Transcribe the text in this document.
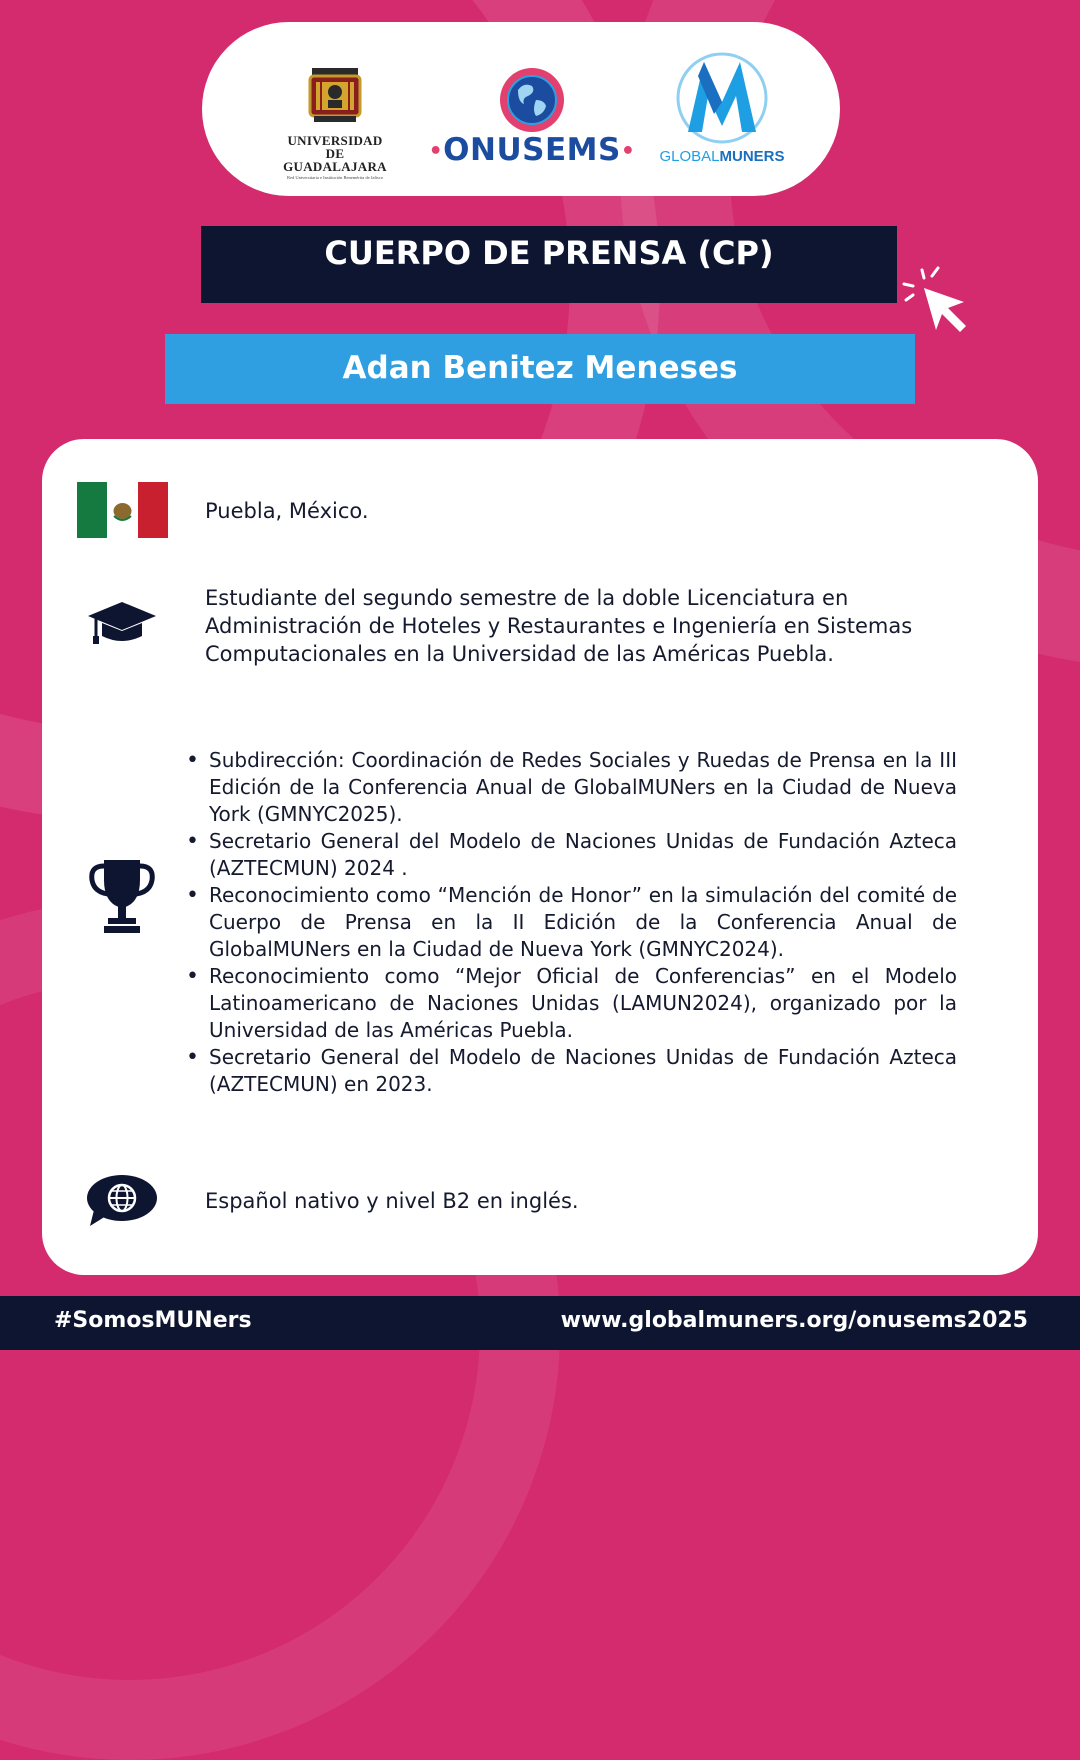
UNIVERSIDAD DE
GUADALAJARA
Red Universitaria e Institución Benemérita de Jalisco
•ONUSEMS•	GLOBALMUNERS
CUERPO DE PRENSA (CP)
Adan Benitez Meneses
Puebla, México.
Estudiante del segundo semestre de la doble Licenciatura en Administración de Hoteles y Restaurantes e Ingeniería en Sistemas Computacionales en la Universidad de las Américas Puebla.
• Subdirección: Coordinación de Redes Sociales y Ruedas de Prensa en la III Edición de la Conferencia Anual de GlobalMUNers en la Ciudad de Nueva York (GMNYC2025).
• Secretario General del Modelo de Naciones Unidas de Fundación Azteca (AZTECMUN) 2024 .
• Reconocimiento como “Mención de Honor” en la simulación del comité de Cuerpo de Prensa en la II Edición de la Conferencia Anual de GlobalMUNers en la Ciudad de Nueva York (GMNYC2024).
• Reconocimiento como “Mejor Oficial de Conferencias” en el Modelo Latinoamericano de Naciones Unidas (LAMUN2024), organizado por la Universidad de las Américas Puebla.
• Secretario General del Modelo de Naciones Unidas de Fundación Azteca (AZTECMUN) en 2023.
Español nativo y nivel B2 en inglés.
#SomosMUNers	www.globalmuners.org/onusems2025
